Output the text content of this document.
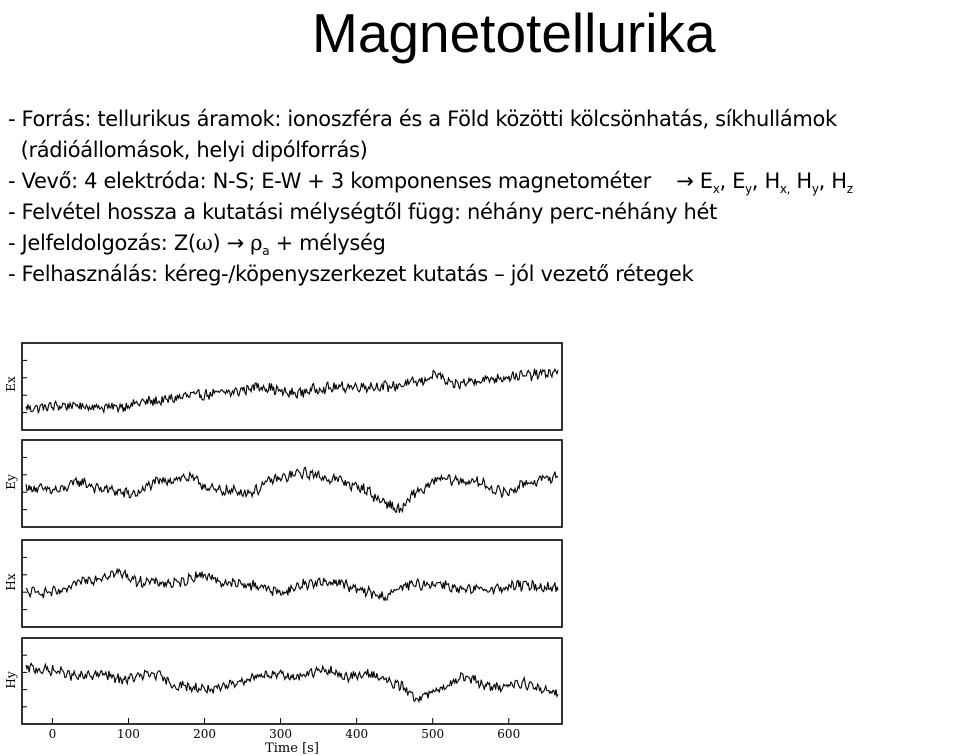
Magnetotellurika
- Forrás: tellurikus áramok: ionoszféra és a Föld közötti kölcsönhatás, síkhullámok
(rádióállomások, helyi dipólforrás)
- Vevő: 4 elektróda: N-S; E-W + 3 komponenses magnetométer → $E_x$, $E_y$, $H_{x,}$ $H_y$, $H_z$
- Felvétel hossza a kutatási mélységtől függ: néhány perc-néhány hét
- Jelfeldolgozás: $Z(\omega) \to \rho_a$ + mélység
- Felhasználás: kéreg-/köpenyszerkezet kutatás – jól vezető rétegek
Ex
Ey
Hx
Hy
0	100	200	300	400	500	600
Time [s]
